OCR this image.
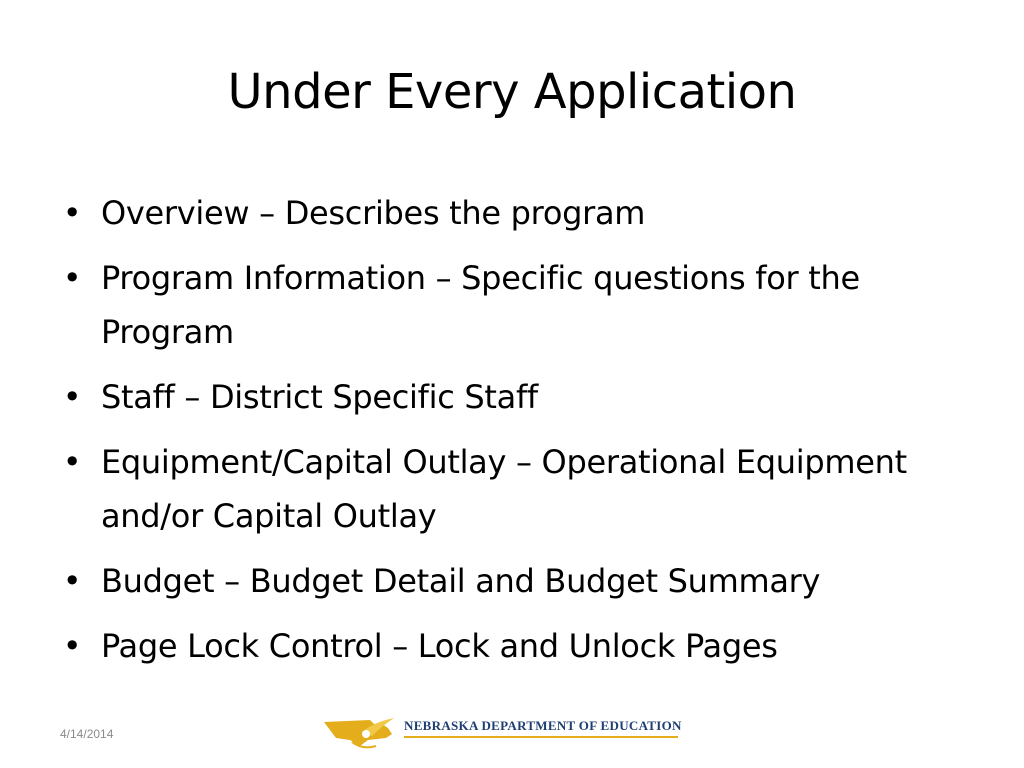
Under Every Application
• Overview – Describes the program
• Program Information – Specific questions for the Program
• Staff – District Specific Staff
• Equipment/Capital Outlay – Operational Equipment and/or Capital Outlay
• Budget – Budget Detail and Budget Summary
• Page Lock Control – Lock and Unlock Pages
4/14/2014
NEBRASKA DEPARTMENT OF EDUCATION
